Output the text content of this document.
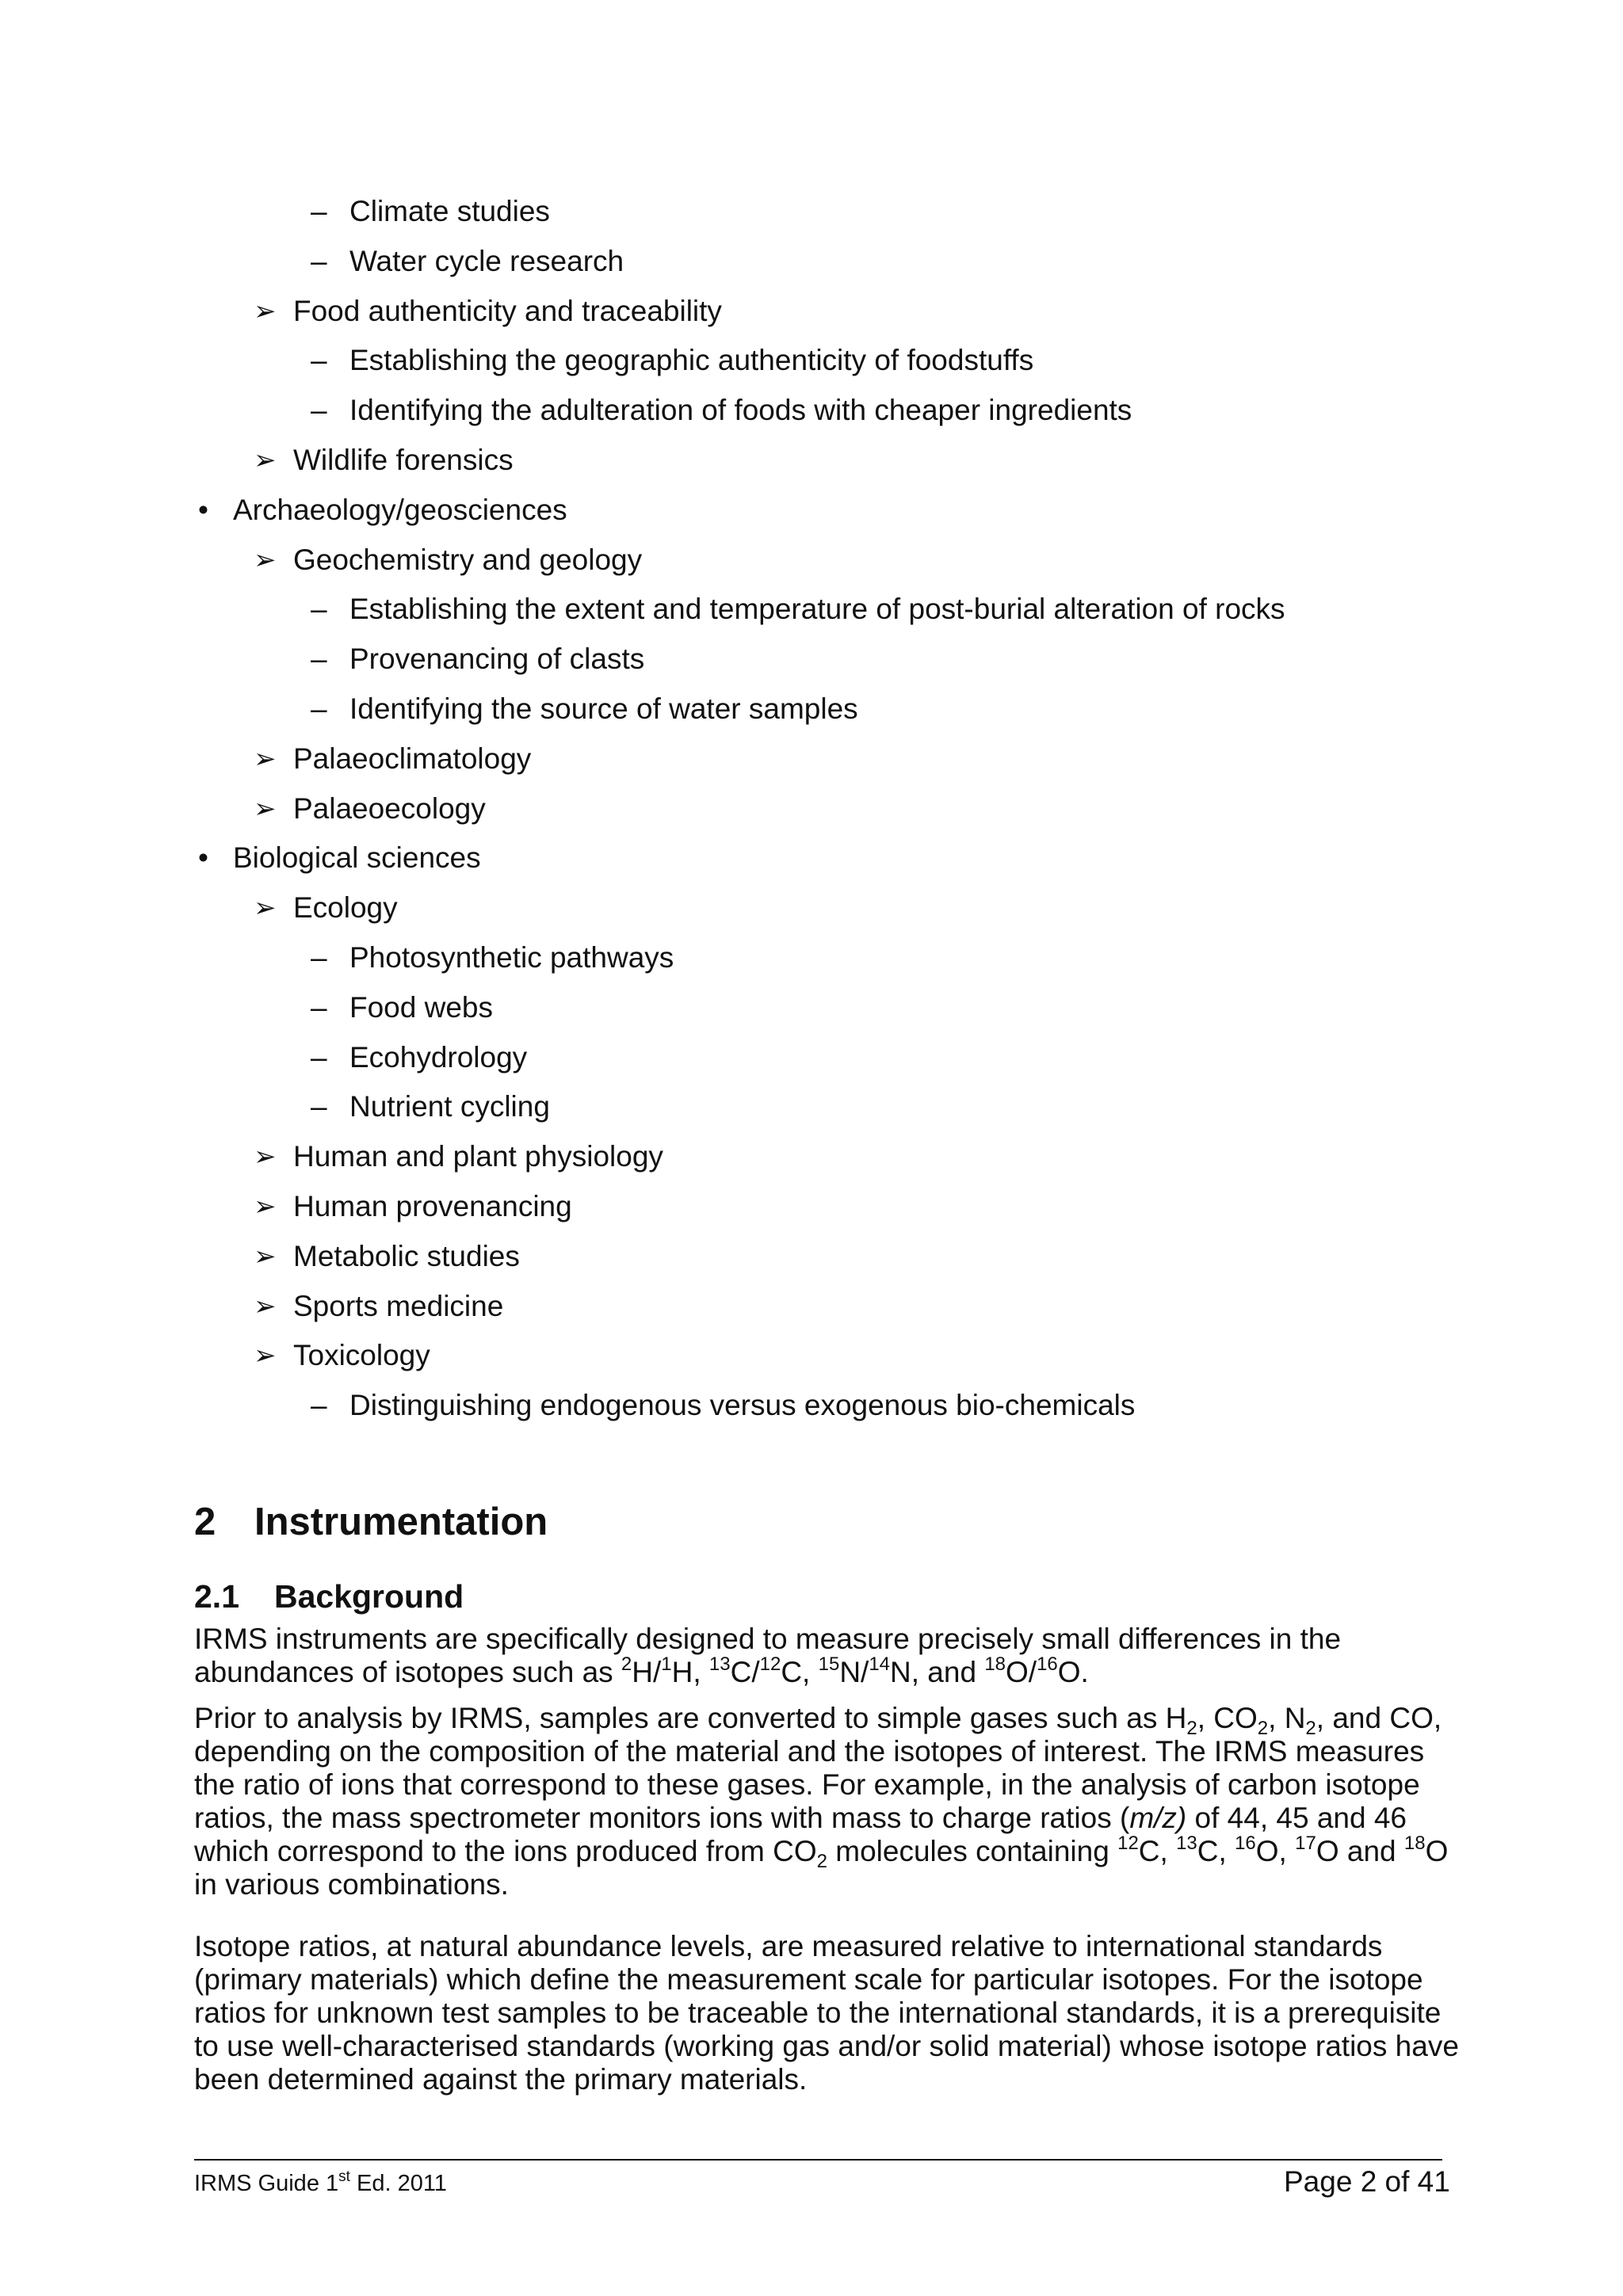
– Climate studies
– Water cycle research
➢ Food authenticity and traceability
– Establishing the geographic authenticity of foodstuffs
– Identifying the adulteration of foods with cheaper ingredients
➢ Wildlife forensics
• Archaeology/geosciences
➢ Geochemistry and geology
– Establishing the extent and temperature of post-burial alteration of rocks
– Provenancing of clasts
– Identifying the source of water samples
➢ Palaeoclimatology
➢ Palaeoecology
• Biological sciences
➢ Ecology
– Photosynthetic pathways
– Food webs
– Ecohydrology
– Nutrient cycling
➢ Human and plant physiology
➢ Human provenancing
➢ Metabolic studies
➢ Sports medicine
➢ Toxicology
– Distinguishing endogenous versus exogenous bio-chemicals
2 Instrumentation
2.1 Background
IRMS instruments are specifically designed to measure precisely small differences in the
abundances of isotopes such as $^2$H/$^1$H, $^{13}$C/$^{12}$C, $^{15}$N/$^{14}$N, and $^{18}$O/$^{16}$O.
Prior to analysis by IRMS, samples are converted to simple gases such as $H_2$, $CO_2$, $N_2$, and CO,
depending on the composition of the material and the isotopes of interest. The IRMS measures
the ratio of ions that correspond to these gases. For example, in the analysis of carbon isotope
ratios, the mass spectrometer monitors ions with mass to charge ratios (m/z) of 44, 45 and 46
which correspond to the ions produced from $CO_2$ molecules containing $^{12}$C, $^{13}$C, $^{16}$O, $^{17}$O and $^{18}$O
in various combinations.
Isotope ratios, at natural abundance levels, are measured relative to international standards
(primary materials) which define the measurement scale for particular isotopes. For the isotope
ratios for unknown test samples to be traceable to the international standards, it is a prerequisite
to use well-characterised standards (working gas and/or solid material) whose isotope ratios have
been determined against the primary materials.
IRMS Guide 1st Ed. 2011	Page 2 of 41
